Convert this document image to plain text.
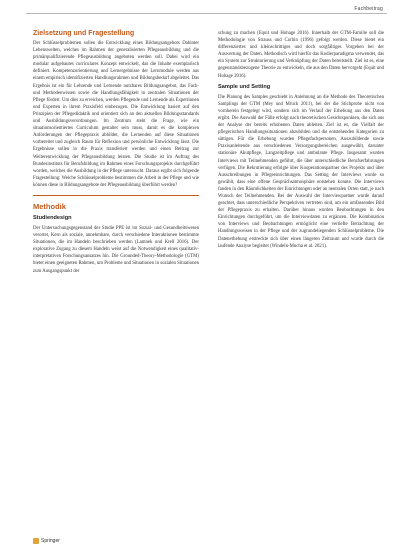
Fachbeitrag
Zielsetzung und Fragestellung

Der Schlüsselproblemen sollen die Entwicklung eines Bildungsangebots Dahinter Lebenswelten, welches im Rahmen der generalisierten Pflegeausbildung und die primärqualifizierende Pflegeausbildung angeboten werden soll. Dabei wird ein modular aufgebautes curriculares Konzept entwickelt, das die Inhalte exemplarisch definiert. Kompetenzorientierung und Lernergebnisse der Lernmodule werden aus einem empirisch identifizierten Handlungsrahmen und Bildungsbedarf abgeleitet. Das Ergebnis ist ein für Lehrende und Lernende nutzbares Bildungsangebot, das Fach- und Methodenwissen sowie die Handlungsfähigkeit in zentralen Situationen der Pflege fördert. Um dies zu erreichen, werden Pflegende und Lernende als Expertinnen und Experten in ihrem Praxisfeld einbezogen. Die Entwicklung basiert auf den Prinzipien der Pflegedidaktik und orientiert sich an den aktuellen Bildungsstandards und Ausbildungsverordnungen. Im Zentrum steht die Frage, wie ein situationsorientiertes Curriculum gestaltet sein muss, damit es die komplexen Anforderungen der Pflegepraxis abbildet, die Lernenden auf diese Situationen vorbereitet und zugleich Raum für Reflexion und persönliche Entwicklung lässt. Die Ergebnisse sollen in die Praxis transferiert werden und einen Beitrag zur Weiterentwicklung der Pflegeausbildung leisten. Die Studie ist im Auftrag des Bundesinstituts für Berufsbildung im Rahmen eines Forschungsprojekts durchgeführt worden, welches die Ausbildung in der Pflege untersucht. Daraus ergibt sich folgende Fragestellung: Welche Schlüsselprobleme bestimmen die Arbeit in der Pflege und wie können diese in Bildungsangebote der Pflegeausbildung überführt werden?

Methodik
Studiendesign

Der Untersuchungsgegenstand der Studie PPE ist im Sozial- und Gesundheitswesen verortet, Kern als soziale, annehmbare, durch verschiedene Interaktionen bestimmte Situationen, die im Handeln beschrieben werden (Lamnek und Krell 2016). Der explorative Zugang zu diesem Handeln weist auf die Notwendigkeit eines qualitativ-interpretativen Forschungsansatzes hin. Die Grounded-Theory-Methodologie (GTM) bietet einen geeigneten Rahmen, um Probleme und Situationen in sozialen Situationen zum Ausgangspunkt der

schung zu machen (Equit und Hohage 2016). Innerhalb der GTM-Familie soll die Methodologie von Strauss und Corbin (1996) gefolgt werden. Diese bietet ein differenziertes und kleinschrittiges und doch sorgfältiges Vorgehen bei der Auswertung der Daten. Methodisch wird hierfür das Kodierparadigma verwendet, das ein System zur Strukturierung und Verknüpfung der Daten bereitstellt. Ziel ist es, eine gegenstandsbezogene Theorie zu entwickeln, die aus den Daten hervorgeht (Equit und Hohage 2016).

Sample und Setting

Die Planung des Samples geschieht in Anlehnung an die Methode des Theoretischen Samplings der GTM (Mey und Mruck 2011), bei der die Stichprobe nicht von vornherein festgelegt wird, sondern sich im Verlauf der Erhebung aus den Daten ergibt. Die Auswahl der Fälle erfolgt nach theoretischen Gesichtspunkten, die sich aus der Analyse der bereits erhobenen Daten ableiten. Ziel ist es, die Vielfalt der pflegerischen Handlungssituationen abzubilden und die entstehenden Kategorien zu sättigen. Für die Erhebung wurden Pflegefachpersonen, Auszubildende sowie Praxisanleitende aus verschiedenen Versorgungsbereichen ausgewählt, darunter stationäre Akutpflege, Langzeitpflege und ambulante Pflege. Insgesamt wurden Interviews mit Teilnehmenden geführt, die über unterschiedliche Berufserfahrungen verfügen. Die Rekrutierung erfolgte über Kooperationspartner des Projekts und über Ausschreibungen in Pflegeeinrichtungen. Das Setting der Interviews wurde so gewählt, dass eine offene Gesprächsatmosphäre entstehen konnte. Die Interviews fanden in den Räumlichkeiten der Einrichtungen oder an neutralen Orten statt, je nach Wunsch der Teilnehmenden. Bei der Auswahl der Interviewpartner wurde darauf geachtet, dass unterschiedliche Perspektiven vertreten sind, um ein umfassendes Bild der Pflegepraxis zu erhalten. Darüber hinaus wurden Beobachtungen in den Einrichtungen durchgeführt, um die Interviewdaten zu ergänzen. Die Kombination von Interviews und Beobachtungen ermöglicht eine vertiefte Betrachtung der Handlungsweisen in der Pflege und der zugrundeliegenden Schlüsselprobleme. Die Datenerhebung erstreckte sich über einen längeren Zeitraum und wurde durch die laufende Analyse begleitet (Windeln-Mucha et al. 2021).

Springer
